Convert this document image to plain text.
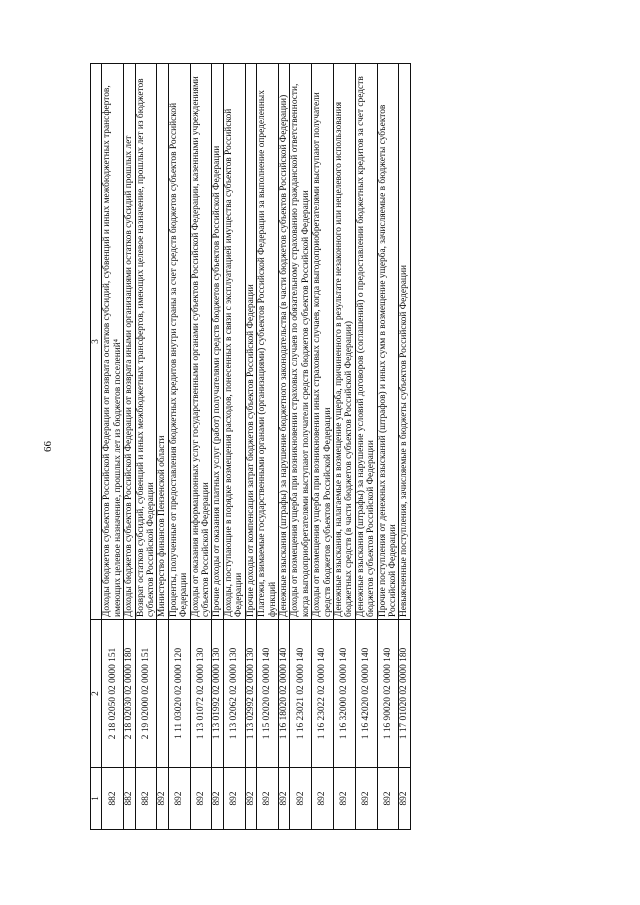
66
1	2	3
882	2 18 02050 02 0000 151	Доходы бюджетов субъектов Российской Федерации от возврата остатков субсидий, субвенций и иных межбюджетных трансфертов, имеющих целевое назначение, прошлых лет из бюджетов поселений⁴
882	2 18 02030 02 0000 180	Доходы бюджетов субъектов Российской Федерации от возврата иными организациями остатков субсидий прошлых лет
882	2 19 02000 02 0000 151	Возврат остатков субсидий, субвенций и иных межбюджетных трансфертов, имеющих целевое назначение, прошлых лет из бюджетов субъектов Российской Федерации
892		Министерство финансов Пензенской области
892	1 11 03020 02 0000 120	Проценты, полученные от предоставления бюджетных кредитов внутри страны за счет средств бюджетов субъектов Российской Федерации
892	1 13 01072 02 0000 130	Доходы от оказания информационных услуг государственными органами субъектов Российской Федерации, казенными учреждениями субъектов Российской Федерации
892	1 13 01992 02 0000 130	Прочие доходы от оказания платных услуг (работ) получателями средств бюджетов субъектов Российской Федерации
892	1 13 02062 02 0000 130	Доходы, поступающие в порядке возмещения расходов, понесенных в связи с эксплуатацией имущества субъектов Российской Федерации
892	1 13 02992 02 0000 130	Прочие доходы от компенсации затрат бюджетов субъектов Российской Федерации
892	1 15 02020 02 0000 140	Платежи, взимаемые государственными органами (организациями) субъектов Российской Федерации за выполнение определенных функций
892	1 16 18020 02 0000 140	Денежные взыскания (штрафы) за нарушение бюджетного законодательства (в части бюджетов субъектов Российской Федерации)
892	1 16 23021 02 0000 140	Доходы от возмещения ущерба при возникновении страховых случаев по обязательному страхованию гражданской ответственности, когда выгодоприобретателями выступают получатели средств бюджетов субъектов Российской Федерации
892	1 16 23022 02 0000 140	Доходы от возмещения ущерба при возникновении иных страховых случаев, когда выгодоприобретателями выступают получатели средств бюджетов субъектов Российской Федерации
892	1 16 32000 02 0000 140	Денежные взыскания, налагаемые в возмещение ущерба, причиненного в результате незаконного или нецелевого использования бюджетных средств (в части бюджетов субъектов Российской Федерации)
892	1 16 42020 02 0000 140	Денежные взыскания (штрафы) за нарушение условий договоров (соглашений) о предоставлении бюджетных кредитов за счет средств бюджетов субъектов Российской Федерации
892	1 16 90020 02 0000 140	Прочие поступления от денежных взысканий (штрафов) и иных сумм в возмещение ущерба, зачисляемые в бюджеты субъектов Российской Федерации
892	1 17 01020 02 0000 180	Невыясненные поступления, зачисляемые в бюджеты субъектов Российской Федерации
